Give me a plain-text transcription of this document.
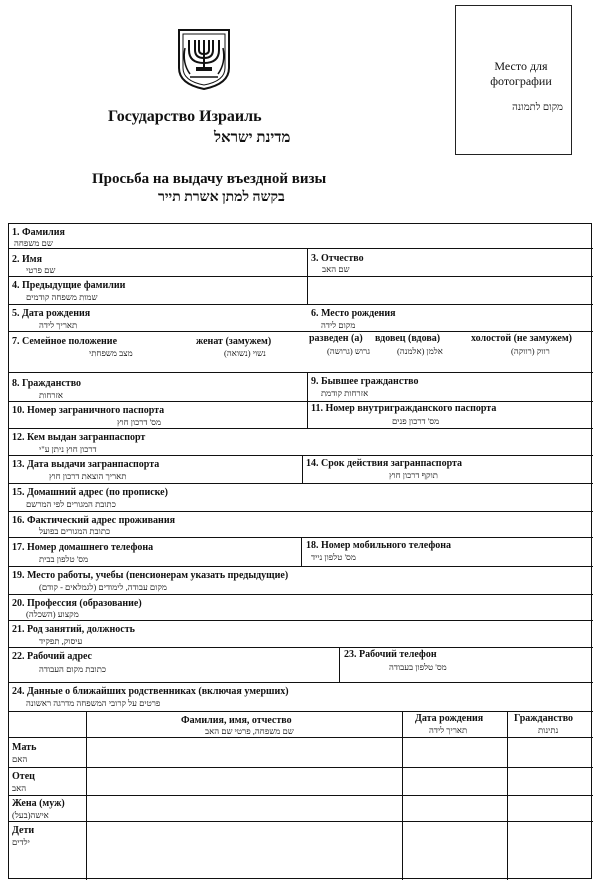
Место для фотографии
מקום לתמונה
Государство Израиль
מדינת ישראל
Просьба на выдачу въездной визы
בקשה למתן אשרת תייר
1. Фамилия
שם משפחה
2. Имя
שם פרטי
3. Отчество
שם האב
4. Предыдущие фамилии
שמות משפחה קודמים
5. Дата рождения
תאריך לידה
6. Место рождения
מקום לידה
7. Семейное положение
מצב משפחתי
женат (замужем)
נשוי (נשואה)
разведен (а)
גרוש (גרושה)
вдовец (вдова)
אלמן (אלמנה)
холостой (не замужем)
רווק (רווקה)
8. Гражданство
אזרחות
9. Бывшее гражданство
אזרחות קודמת
10. Номер заграничного паспорта
מס' דרכון חוץ
11. Номер внутригражданского паспорта
מס' דרכון פנים
12. Кем выдан загранпаспорт
דרכון חוץ ניתן ע"י
13. Дата выдачи загранпаспорта
תאריך הוצאת דרכון חוץ
14. Срок действия загранпаспорта
תוקף דרכון חוץ
15. Домашний адрес (по прописке)
כתובת המגורים לפי המרשם
16. Фактический адрес проживания
כתובת המגורים בפועל
17. Номер домашнего телефона
מס' טלפון בבית
18. Номер мобильного телефона
מס' טלפון נייד
19. Место работы, учебы (пенсионерам указать предыдущие)
מקום עבודה, לימודים (לגמלאים - קודם)
20. Профессия (образование)
מקצוע (השכלה)
21. Род занятий, должность
עיסוק, תפקיד
22. Рабочий адрес
כתובת מקום העבודה
23. Рабочий телефон
מס' טלפון בעבודה
24. Данные о ближайших родственниках (включая умерших)
פרטים על קרובי המשפחה מדרגה ראשונה
Фамилия, имя, отчество
שם משפחה, פרטי שם האב
Дата рождения
תאריך לידה
Гражданство
נתינות
Мать
האם
Отец
האב
Жена (муж)
אישה(בעל)
Дети
ילדים
